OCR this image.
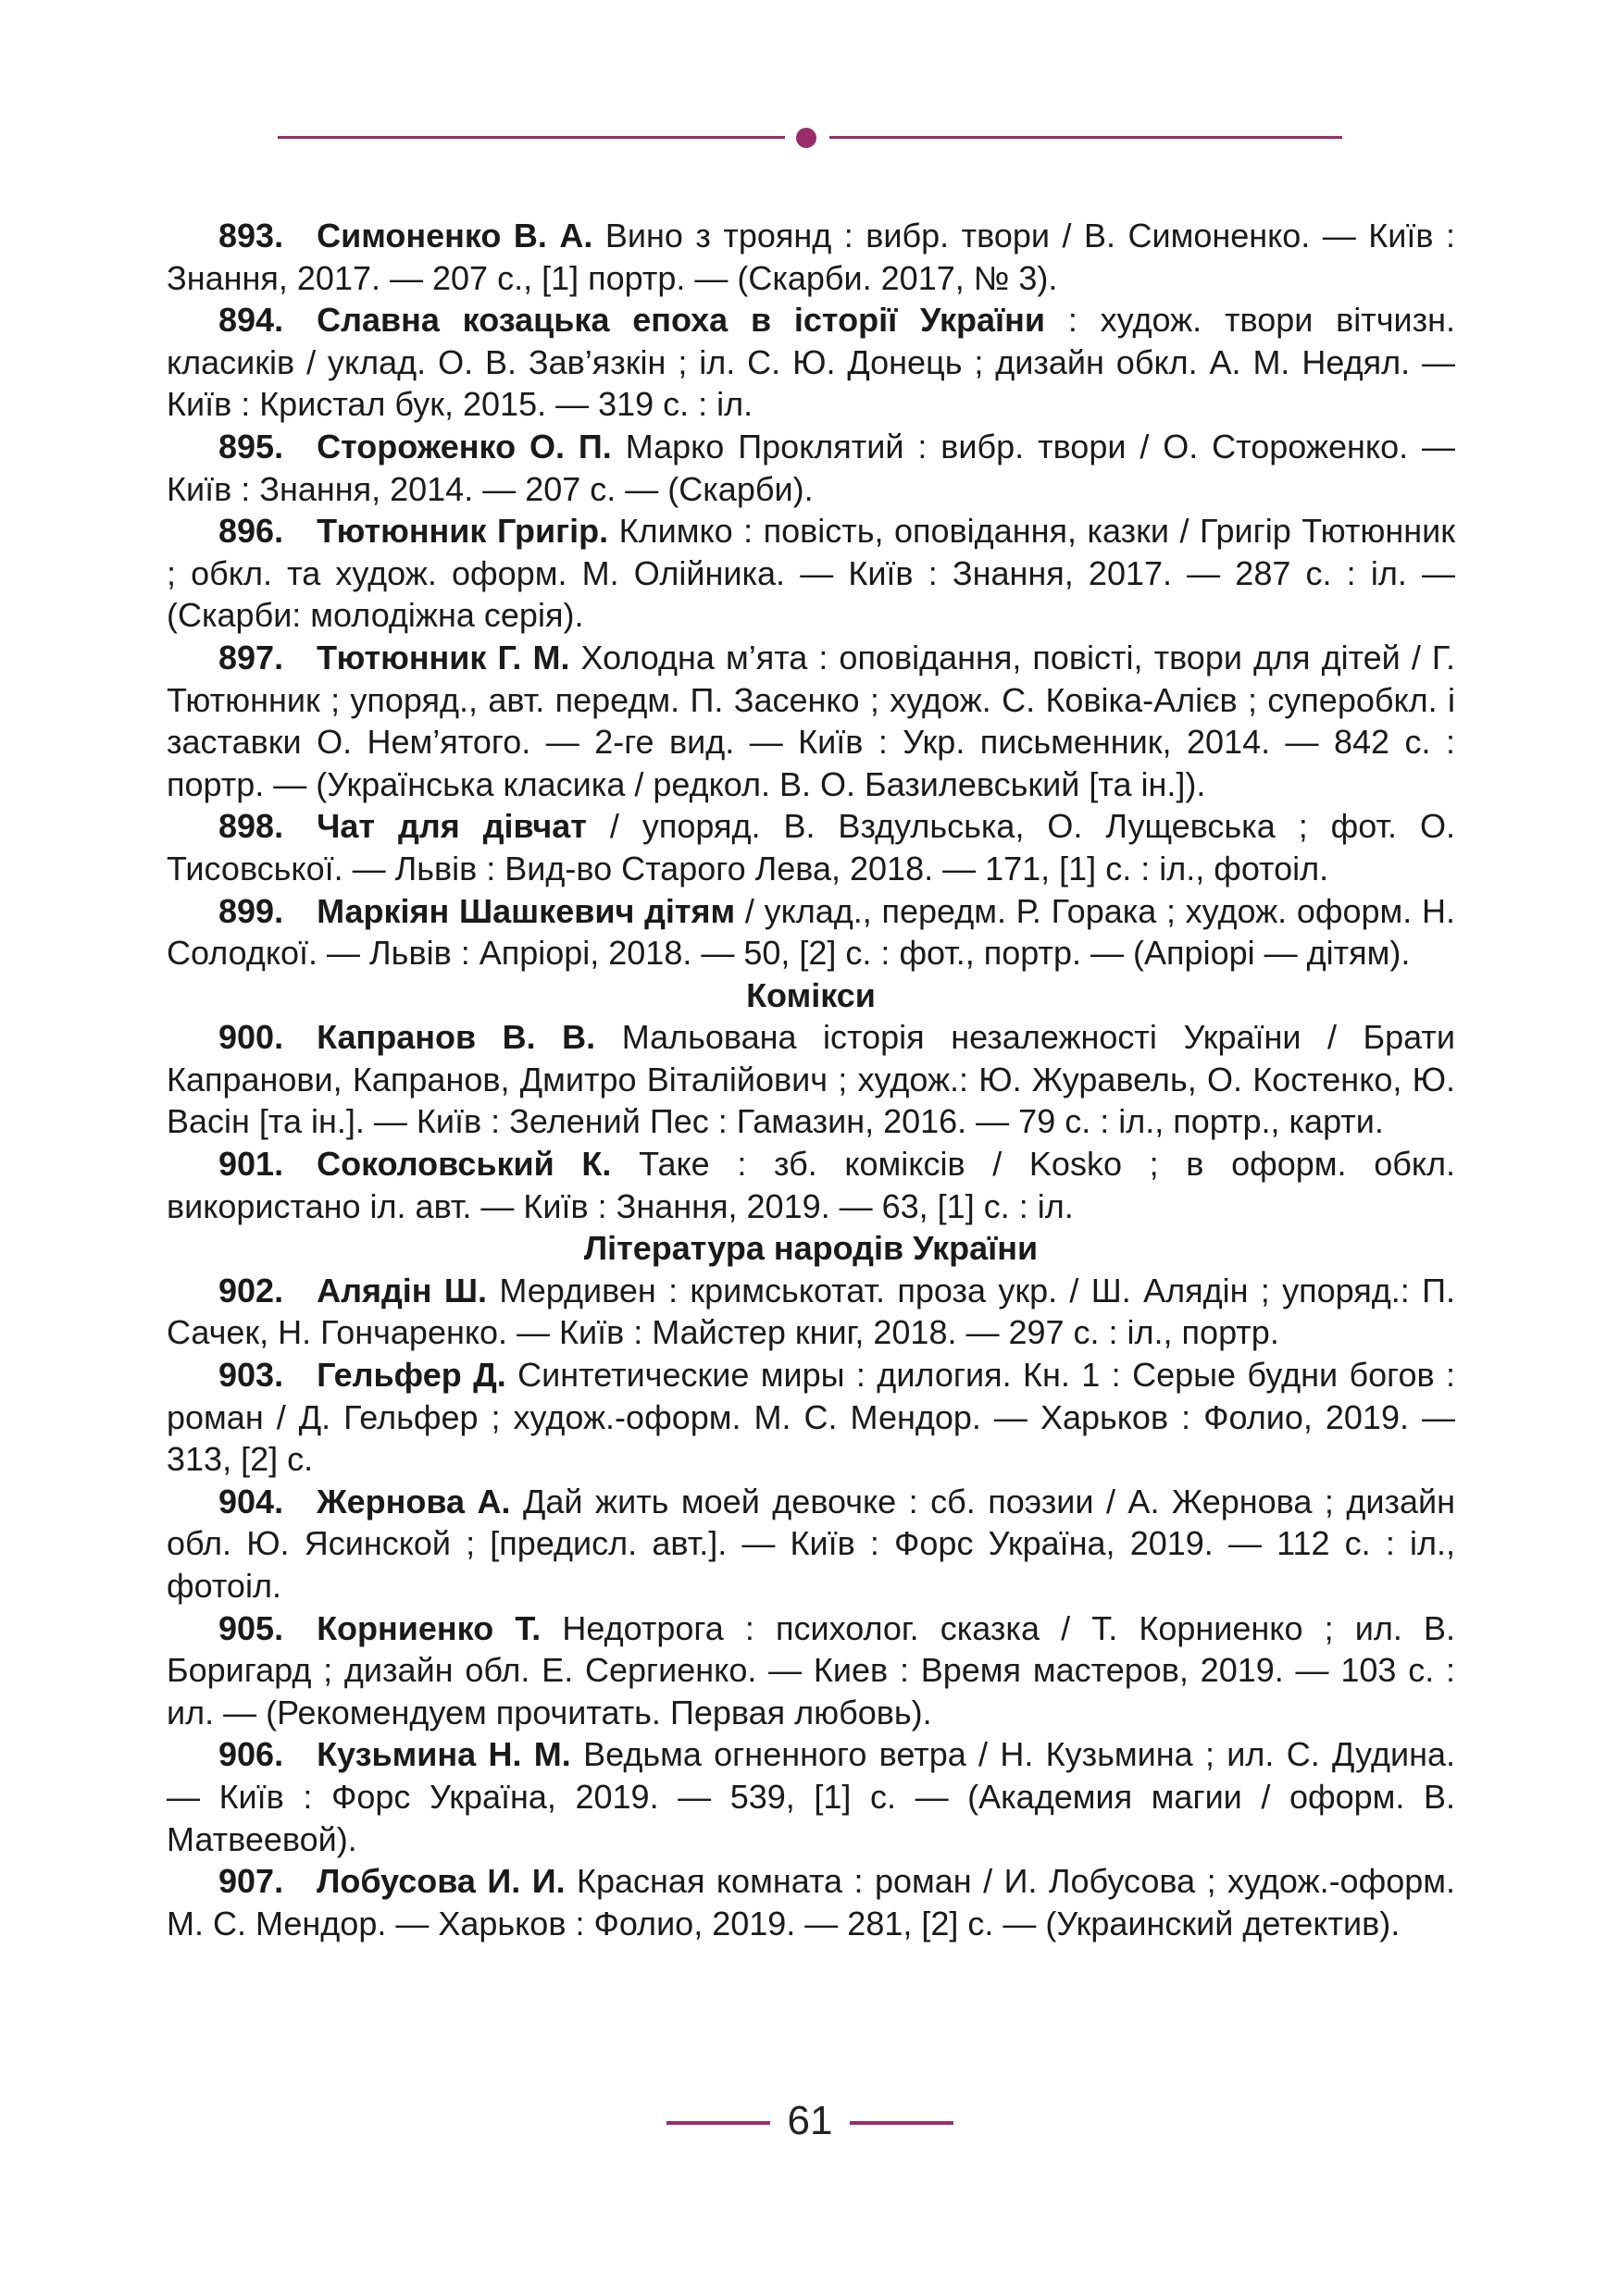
893.  Симоненко В. А. Вино з троянд : вибр. твори / В. Симоненко. — Київ : Знання, 2017. — 207 с., [1] портр. — (Скарби. 2017, № 3).

894.  Славна козацька епоха в історії України : худож. твори вітчизн. класиків / уклад. О. В. Зав’язкін ; іл. С. Ю. Донець ; дизайн обкл. А. М. Недял. — Київ : Кристал бук, 2015. — 319 с. : іл.

895.  Стороженко О. П. Марко Проклятий : вибр. твори / О. Стороженко. — Київ : Знання, 2014. — 207 с. — (Скарби).

896.  Тютюнник Григір. Климко : повість, оповідання, казки / Григір Тютюнник ; обкл. та худож. оформ. М. Олійника. — Київ : Знання, 2017. — 287 с. : іл. — (Скарби: молодіжна серія).

897.  Тютюнник Г. М. Холодна м’ята : оповідання, повісті, твори для дітей / Г. Тютюнник ; упоряд., авт. передм. П. Засенко ; худож. С. Ковіка-Алієв ; суперобкл. і заставки О. Нем’ятого. — 2-ге вид. — Київ : Укр. письменник, 2014. — 842 с. : портр. — (Українська класика / редкол. В. О. Базилевський [та ін.]).

898.  Чат для дівчат / упоряд. В. Вздульська, О. Лущевська ; фот. О. Тисовської. — Львів : Вид-во Старого Лева, 2018. — 171, [1] с. : іл., фотоіл.

899.  Маркіян Шашкевич дітям / уклад., передм. Р. Горака ; худож. оформ. Н. Солодкої. — Львів : Апріорі, 2018. — 50, [2] с. : фот., портр. — (Апріорі — дітям).

Комікси

900.  Капранов В. В. Мальована історія незалежності України / Брати Капранови, Капранов, Дмитро Віталійович ; худож.: Ю. Журавель, О. Костенко, Ю. Васін [та ін.]. — Київ : Зелений Пес : Гамазин, 2016. — 79 с. : іл., портр., карти.

901.  Соколовський К. Таке : зб. коміксів / Kosko ; в оформ. обкл. використано іл. авт. — Київ : Знання, 2019. — 63, [1] с. : іл.

Література народів України

902.  Алядін Ш. Мердивен : кримськотат. проза укр. / Ш. Алядін ; упоряд.: П. Сачек, Н. Гончаренко. — Київ : Майстер книг, 2018. — 297 с. : іл., портр.

903.  Гельфер Д. Синтетические миры : дилогия. Кн. 1 : Серые будни богов : роман / Д. Гельфер ; худож.-оформ. М. С. Мендор. — Харьков : Фолио, 2019. — 313, [2] с.

904.  Жернова А. Дай жить моей девочке : сб. поэзии / А. Жернова ; дизайн обл. Ю. Ясинской ; [предисл. авт.]. — Київ : Форс Україна, 2019. — 112 с. : іл., фотоіл.

905.  Корниенко Т. Недотрога : психолог. сказка / Т. Корниенко ; ил. В. Боригард ; дизайн обл. Е. Сергиенко. — Киев : Время мастеров, 2019. — 103 с. : ил. — (Рекомендуем прочитать. Первая любовь).

906.  Кузьмина Н. М. Ведьма огненного ветра / Н. Кузьмина ; ил. С. Дудина. — Київ : Форс Україна, 2019. — 539, [1] с. — (Академия магии / оформ. В. Матвеевой).

907.  Лобусова И. И. Красная комната : роман / И. Лобусова ; худож.-оформ. М. С. Мендор. — Харьков : Фолио, 2019. — 281, [2] с. — (Украинский детектив).

61
